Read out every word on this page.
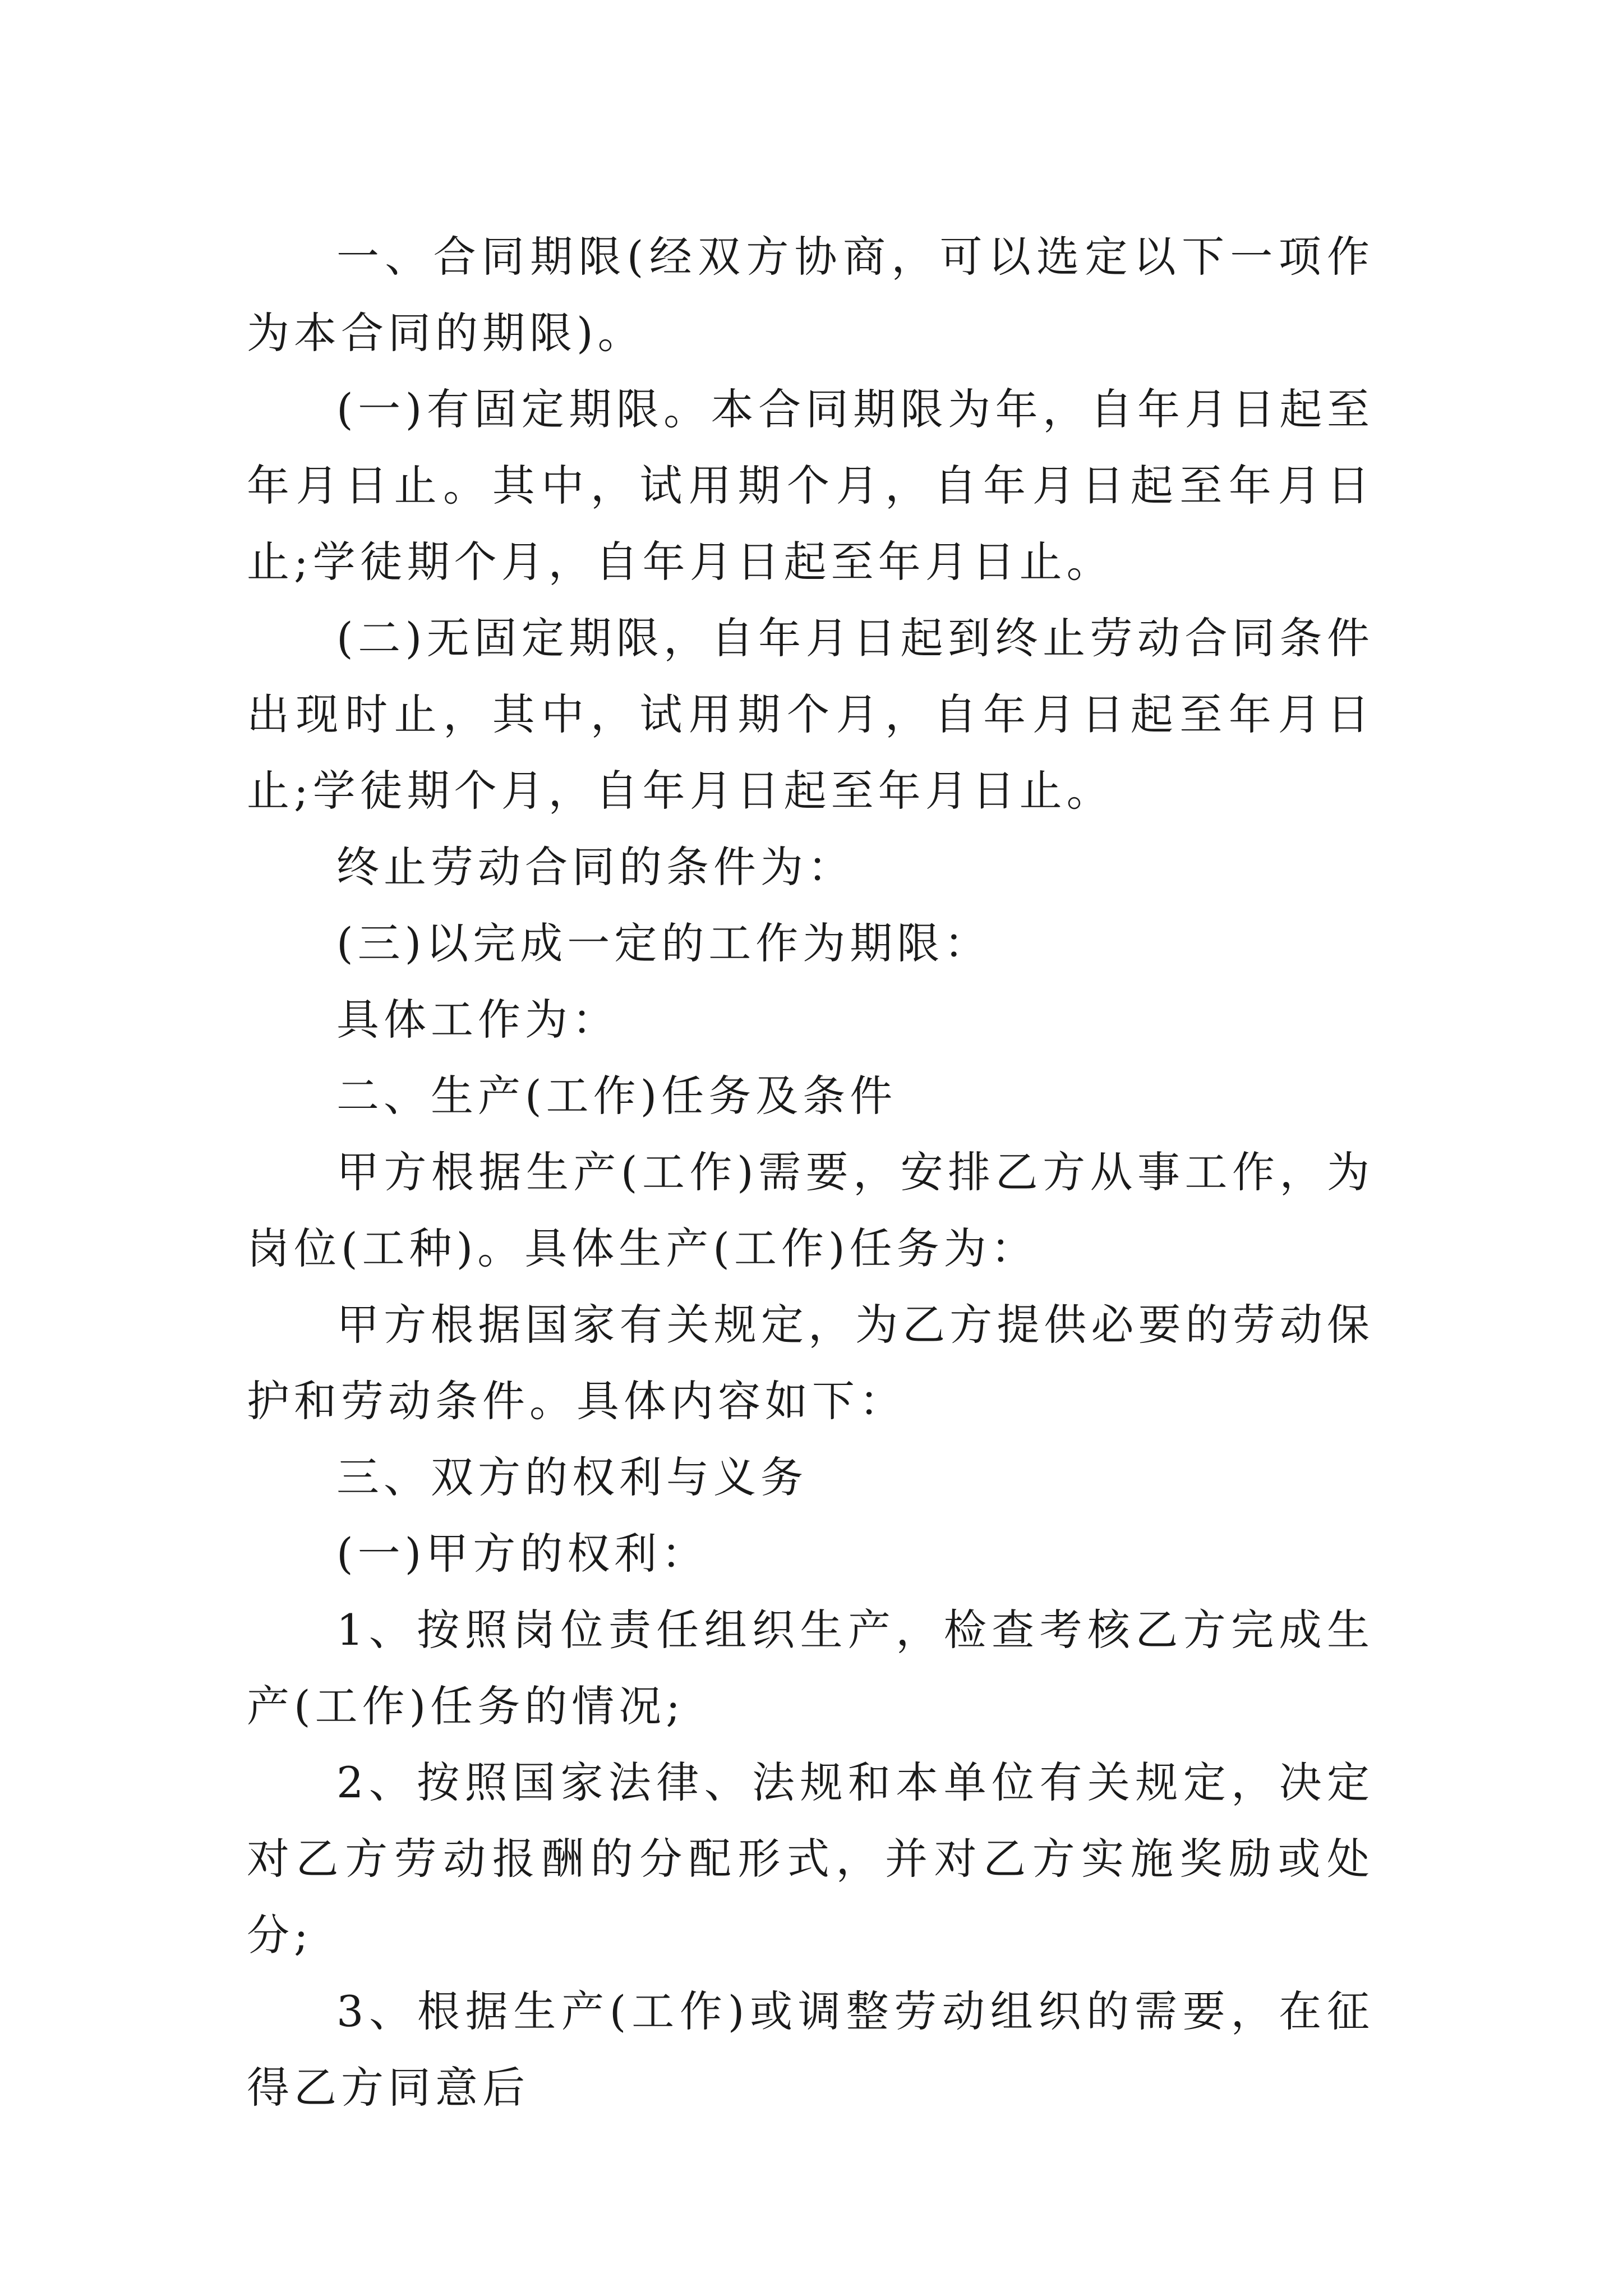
一、合同期限(经双方协商，可以选定以下一项作为本合同的期限)。

(一)有固定期限。本合同期限为年，自年月日起至年月日止。其中，试用期个月，自年月日起至年月日止;学徒期个月，自年月日起至年月日止。

(二)无固定期限，自年月日起到终止劳动合同条件出现时止，其中，试用期个月，自年月日起至年月日止;学徒期个月，自年月日起至年月日止。

终止劳动合同的条件为：

(三)以完成一定的工作为期限：

具体工作为：

二、生产(工作)任务及条件

甲方根据生产(工作)需要，安排乙方从事工作，为岗位(工种)。具体生产(工作)任务为：

甲方根据国家有关规定，为乙方提供必要的劳动保护和劳动条件。具体内容如下：

三、双方的权利与义务

(一)甲方的权利：

1、按照岗位责任组织生产，检查考核乙方完成生产(工作)任务的情况;

2、按照国家法律、法规和本单位有关规定，决定对乙方劳动报酬的分配形式，并对乙方实施奖励或处分;

3、根据生产(工作)或调整劳动组织的需要，在征得乙方同意后
